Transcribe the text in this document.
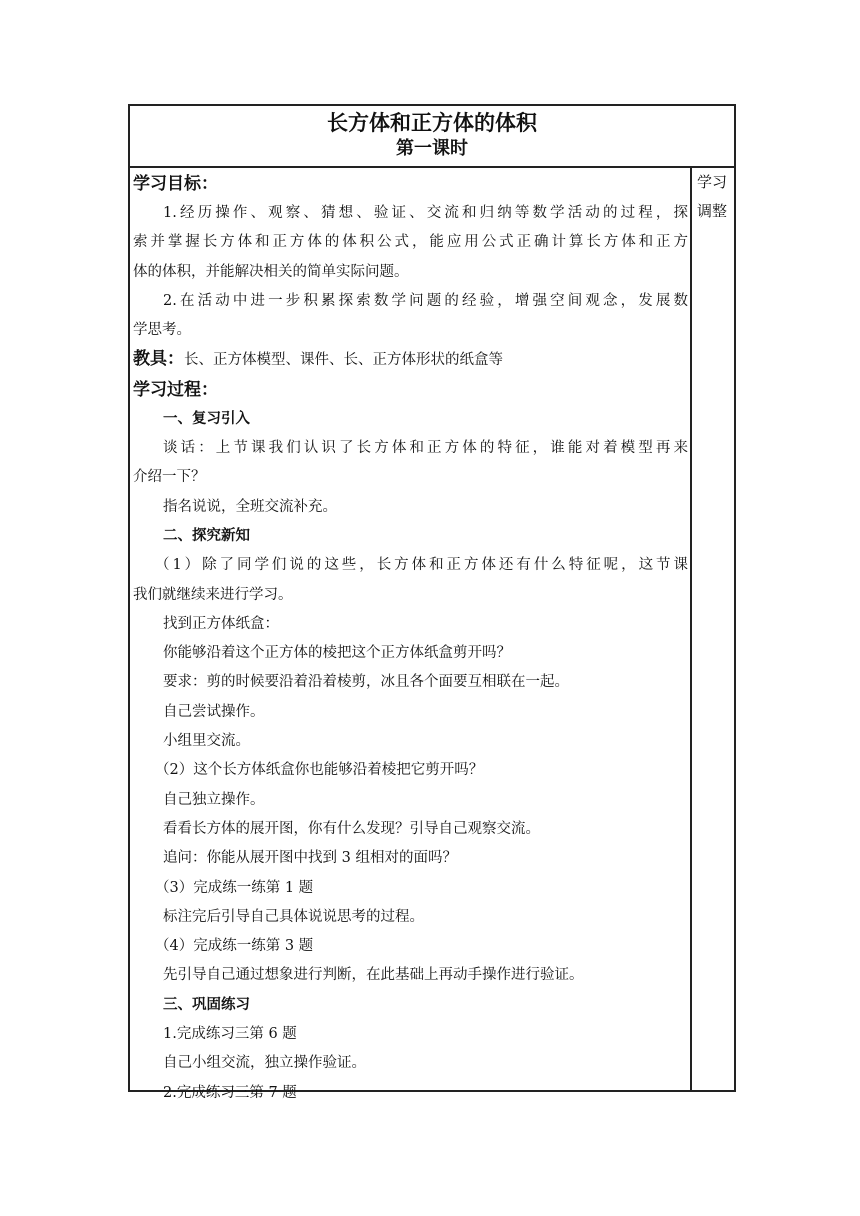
长方体和正方体的体积
第一课时
学习目标：
1.经历操作、观察、猜想、验证、交流和归纳等数学活动的过程，探
索并掌握长方体和正方体的体积公式，能应用公式正确计算长方体和正方
体的体积，并能解决相关的简单实际问题。
2.在活动中进一步积累探索数学问题的经验，增强空间观念，发展数
学思考。
教具：长、正方体模型、课件、长、正方体形状的纸盒等
学习过程：
一、复习引入
谈话：上节课我们认识了长方体和正方体的特征，谁能对着模型再来
介绍一下？
指名说说，全班交流补充。
二、探究新知
（1）除了同学们说的这些，长方体和正方体还有什么特征呢，这节课
我们就继续来进行学习。
找到正方体纸盒：
你能够沿着这个正方体的棱把这个正方体纸盒剪开吗？
要求：剪的时候要沿着沿着棱剪，冰且各个面要互相联在一起。
自己尝试操作。
小组里交流。
（2）这个长方体纸盒你也能够沿着棱把它剪开吗？
自己独立操作。
看看长方体的展开图，你有什么发现？引导自己观察交流。
追问：你能从展开图中找到 3 组相对的面吗？
（3）完成练一练第 1 题
标注完后引导自己具体说说思考的过程。
（4）完成练一练第 3 题
先引导自己通过想象进行判断，在此基础上再动手操作进行验证。
三、巩固练习
1.完成练习三第 6 题
自己小组交流，独立操作验证。
2.完成练习三第 7 题
学习
调整
